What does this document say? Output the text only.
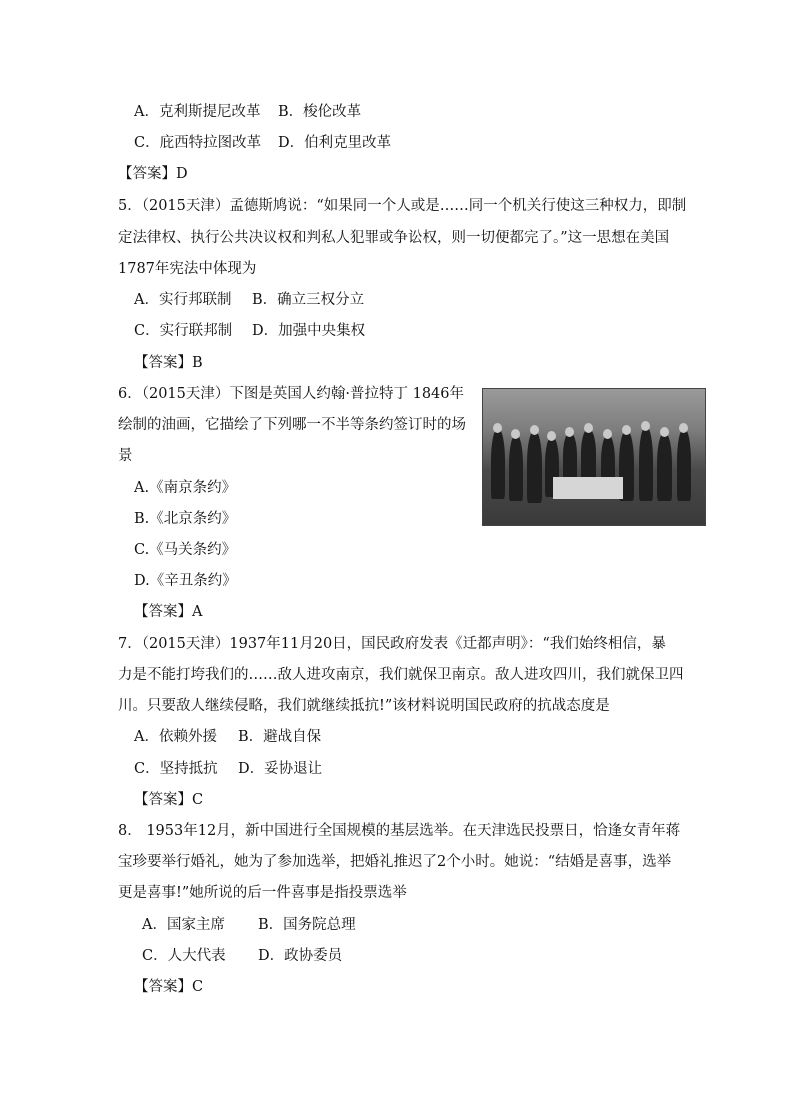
A．克利斯提尼改革 B．梭伦改革
C．庇西特拉图改革 D．伯利克里改革
【答案】D
5．（2015天津）孟德斯鸠说：“如果同一个人或是……同一个机关行使这三种权力，即制
定法律权、执行公共决议权和判私人犯罪或争讼权，则一切便都完了。”这一思想在美国
1787年宪法中体现为
A．实行邦联制 B．确立三权分立
C．实行联邦制 D．加强中央集权
【答案】B
6．（2015天津）下图是英国人约翰·普拉特丁 1846年
绘制的油画，它描绘了下列哪一不半等条约签订时的场
景
A.《南京条约》
B.《北京条约》
C.《马关条约》
D.《辛丑条约》
【答案】A
7．（2015天津）1937年11月20日，国民政府发表《迁都声明》：“我们始终相信，暴
力是不能打垮我们的……敌人进攻南京，我们就保卫南京。敌人进攻四川，我们就保卫四
川。只要敌人继续侵略，我们就继续抵抗!”该材料说明国民政府的抗战态度是
A．依赖外援 B．避战自保
C．坚持抵抗 D．妥协退让
【答案】C
8． 1953年12月，新中国进行全国规模的基层选举。在天津选民投票日，恰逢女青年蒋
宝珍要举行婚礼，她为了参加选举，把婚礼推迟了2个小时。她说：“结婚是喜事，选举
更是喜事!”她所说的后一件喜事是指投票选举
A．国家主席 B．国务院总理
C．人大代表 D．政协委员
【答案】C
